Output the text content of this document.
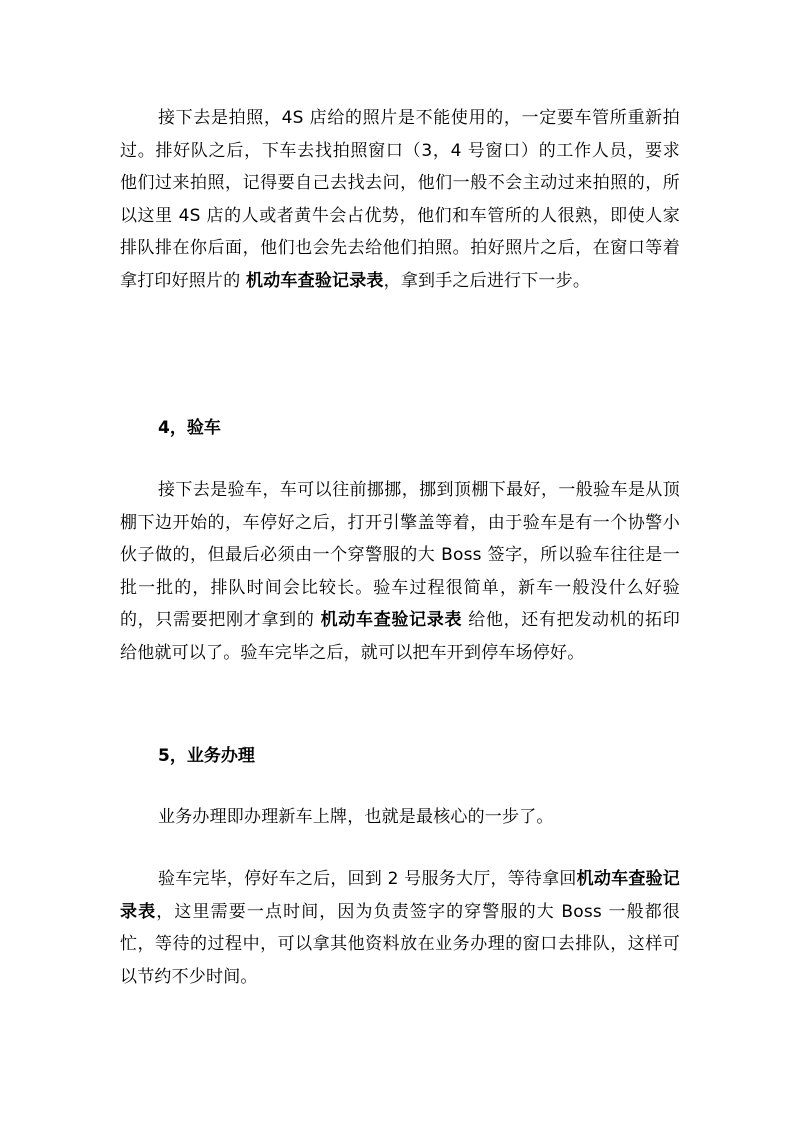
接下去是拍照，4S 店给的照片是不能使用的，一定要车管所重新拍过。排好队之后，下车去找拍照窗口（3，4 号窗口）的工作人员，要求他们过来拍照，记得要自己去找去问，他们一般不会主动过来拍照的，所以这里 4S 店的人或者黄牛会占优势，他们和车管所的人很熟，即使人家排队排在你后面，他们也会先去给他们拍照。拍好照片之后，在窗口等着拿打印好照片的 机动车查验记录表，拿到手之后进行下一步。

4，验车

接下去是验车，车可以往前挪挪，挪到顶棚下最好，一般验车是从顶棚下边开始的，车停好之后，打开引擎盖等着，由于验车是有一个协警小伙子做的，但最后必须由一个穿警服的大 Boss 签字，所以验车往往是一批一批的，排队时间会比较长。验车过程很简单，新车一般没什么好验的，只需要把刚才拿到的 机动车查验记录表 给他，还有把发动机的拓印给他就可以了。验车完毕之后，就可以把车开到停车场停好。

5，业务办理

业务办理即办理新车上牌，也就是最核心的一步了。

验车完毕，停好车之后，回到 2 号服务大厅，等待拿回机动车查验记录表，这里需要一点时间，因为负责签字的穿警服的大 Boss 一般都很忙，等待的过程中，可以拿其他资料放在业务办理的窗口去排队，这样可以节约不少时间。
